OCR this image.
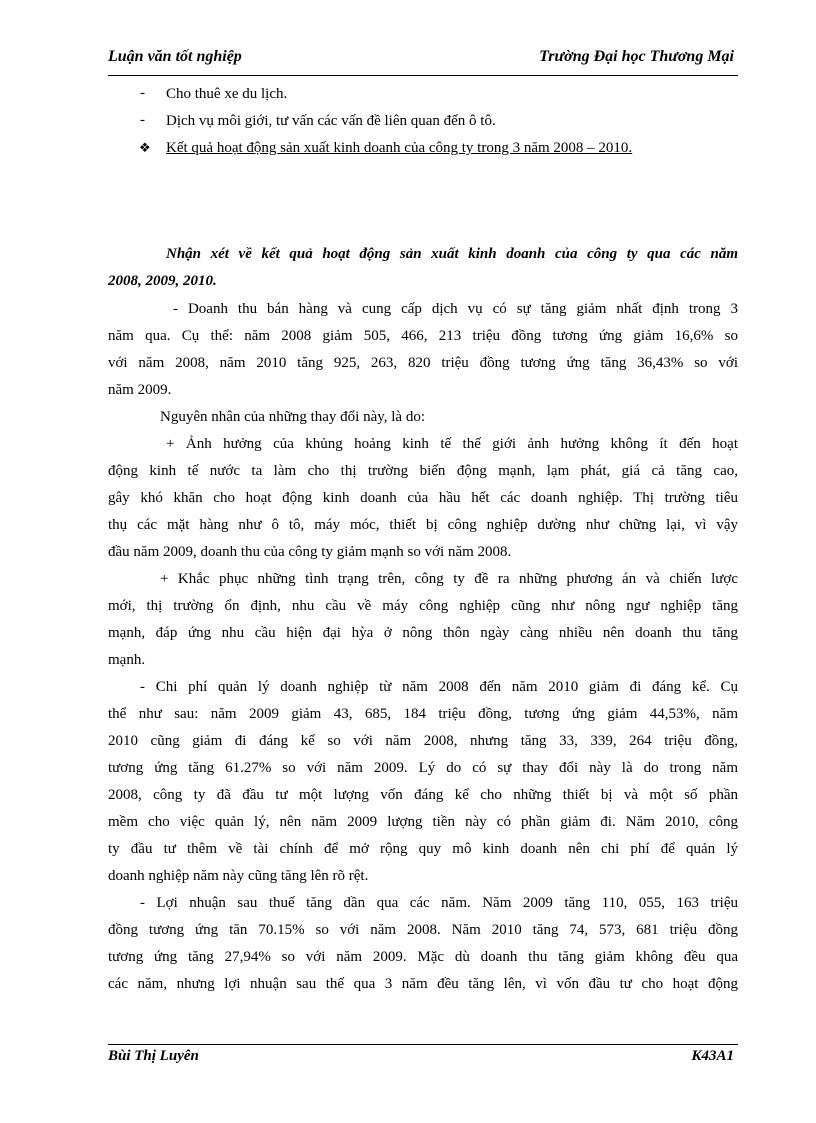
Luận văn tốt nghiệp	Trường Đại học Thương Mại
- Cho thuê xe du lịch.
- Dịch vụ môi giới, tư vấn các vấn đề liên quan đến ô tô.
❖ Kết quả hoạt động sản xuất kinh doanh của công ty trong 3 năm 2008 – 2010.
Nhận xét về kết quả hoạt động sản xuất kinh doanh của công ty qua các năm
2008, 2009, 2010.
- Doanh thu bán hàng và cung cấp dịch vụ có sự tăng giảm nhất định trong 3
năm qua. Cụ thể: năm 2008 giảm 505, 466, 213 triệu đồng tương ứng giảm 16,6% so
với năm 2008, năm 2010 tăng 925, 263, 820 triệu đồng tương ứng tăng 36,43% so với
năm 2009.
Nguyên nhân của những thay đổi này, là do:
+ Ảnh hưởng của khủng hoảng kinh tế thế giới ảnh hưởng không ít đến hoạt
động kinh tế nước ta làm cho thị trường biến động mạnh, lạm phát, giá cả tăng cao,
gây khó khăn cho hoạt động kinh doanh của hầu hết các doanh nghiệp. Thị trường tiêu
thụ các mặt hàng như ô tô, máy móc, thiết bị công nghiệp dường như chững lại, vì vậy
đầu năm 2009, doanh thu của công ty giảm mạnh so với năm 2008.
+ Khắc phục những tình trạng trên, công ty đề ra những phương án và chiến lược
mới, thị trường ổn định, nhu cầu về máy công nghiệp cũng như nông ngư nghiệp tăng
mạnh, đáp ứng nhu cầu hiện đại hỳa ở nông thôn ngày càng nhiều nên doanh thu tăng
mạnh.
- Chi phí quản lý doanh nghiệp từ năm 2008 đến năm 2010 giảm đi đáng kể. Cụ
thể như sau: năm 2009 giảm 43, 685, 184 triệu đồng, tương ứng giảm 44,53%, năm
2010 cũng giảm đi đáng kể so với năm 2008, nhưng tăng 33, 339, 264 triệu đồng,
tương ứng tăng 61.27% so với năm 2009. Lý do có sự thay đổi này là do trong năm
2008, công ty đã đầu tư một lượng vốn đáng kể cho những thiết bị và một số phần
mềm cho việc quản lý, nên năm 2009 lượng tiền này có phần giảm đi. Năm 2010, công
ty đầu tư thêm về tài chính để mở rộng quy mô kinh doanh nên chi phí để quản lý
doanh nghiệp năm này cũng tăng lên rõ rệt.
- Lợi nhuận sau thuế tăng dần qua các năm. Năm 2009 tăng 110, 055, 163 triệu
đồng tương ứng tăn 70.15% so với năm 2008. Năm 2010 tăng 74, 573, 681 triệu đồng
tương ứng tăng 27,94% so với năm 2009. Mặc dù doanh thu tăng giảm không đều qua
các năm, nhưng lợi nhuận sau thế qua 3 năm đều tăng lên, vì vốn đầu tư cho hoạt động
Bùi Thị Luyên	K43A1
